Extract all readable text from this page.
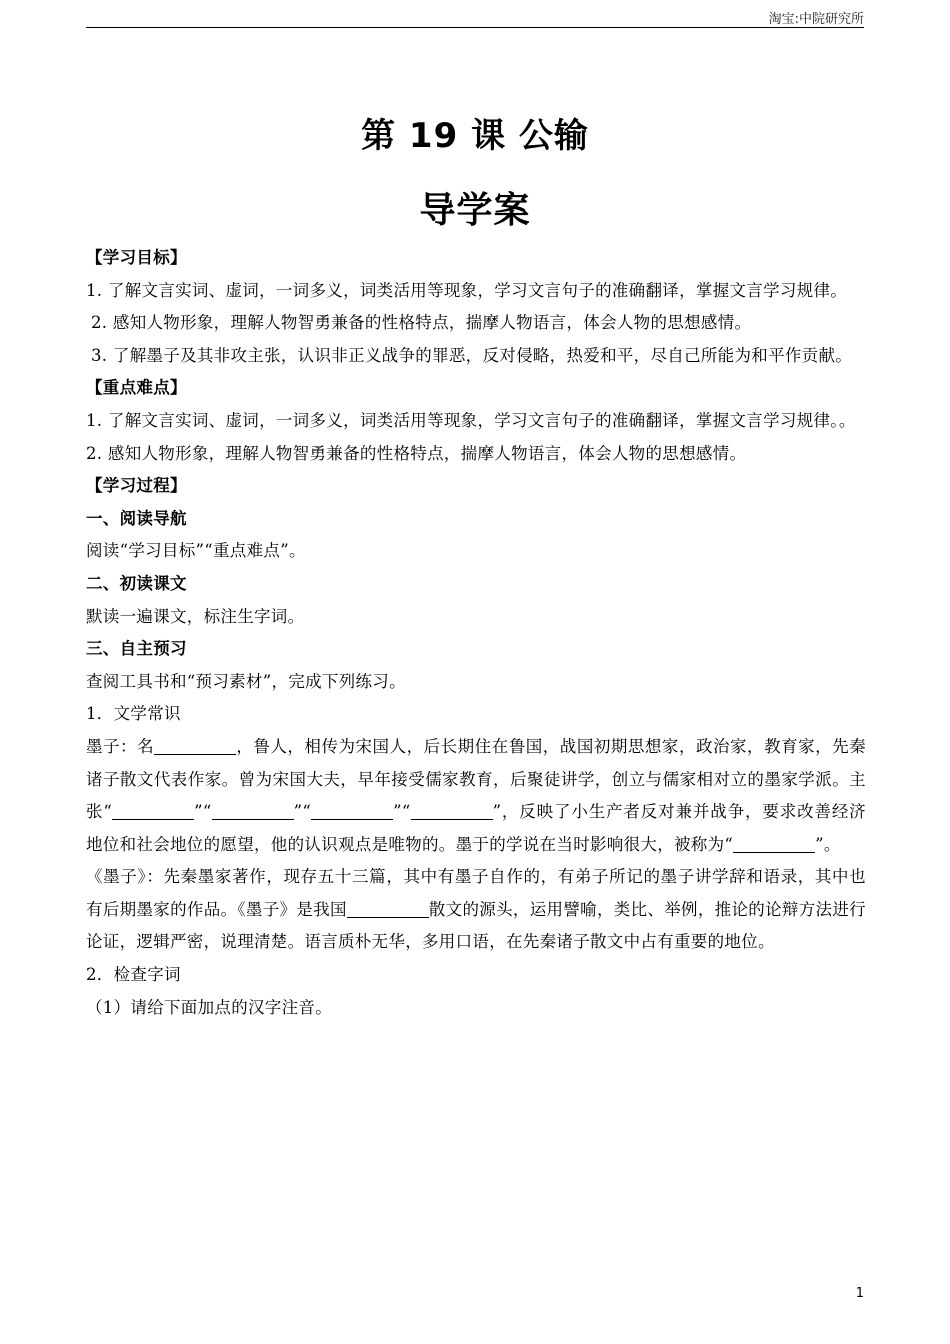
淘宝:中院研究所
第 19 课 公输
导学案

【学习目标】

1. 了解文言实词、虚词，一词多义，词类活用等现象，学习文言句子的准确翻译，掌握文言学习规律。

2. 感知人物形象，理解人物智勇兼备的性格特点，揣摩人物语言，体会人物的思想感情。

3. 了解墨子及其非攻主张，认识非正义战争的罪恶，反对侵略，热爱和平，尽自己所能为和平作贡献。

【重点难点】

1. 了解文言实词、虚词，一词多义，词类活用等现象，学习文言句子的准确翻译，掌握文言学习规律。。

2. 感知人物形象，理解人物智勇兼备的性格特点，揣摩人物语言，体会人物的思想感情。

【学习过程】

一、阅读导航

阅读“学习目标”“重点难点”。

二、初读课文

默读一遍课文，标注生字词。

三、自主预习

查阅工具书和“预习素材”，完成下列练习。

1．文学常识

墨子：名	，鲁人，相传为宋国人，后长期住在鲁国，战国初期思想家，政治家，教育家，先秦诸子散文代表作家。曾为宋国大夫，早年接受儒家教育，后聚徒讲学，创立与儒家相对立的墨家学派。主张“	”“	”“	”“	”，反映了小生产者反对兼并战争，要求改善经济地位和社会地位的愿望，他的认识观点是唯物的。墨于的学说在当时影响很大，被称为“	”。

《墨子》：先秦墨家著作，现存五十三篇，其中有墨子自作的，有弟子所记的墨子讲学辞和语录，其中也有后期墨家的作品。《墨子》是我国	散文的源头，运用譬喻，类比、举例，推论的论辩方法进行论证，逻辑严密，说理清楚。语言质朴无华，多用口语，在先秦诸子散文中占有重要的地位。

2．检查字词

（1）请给下面加点的汉字注音。

1
